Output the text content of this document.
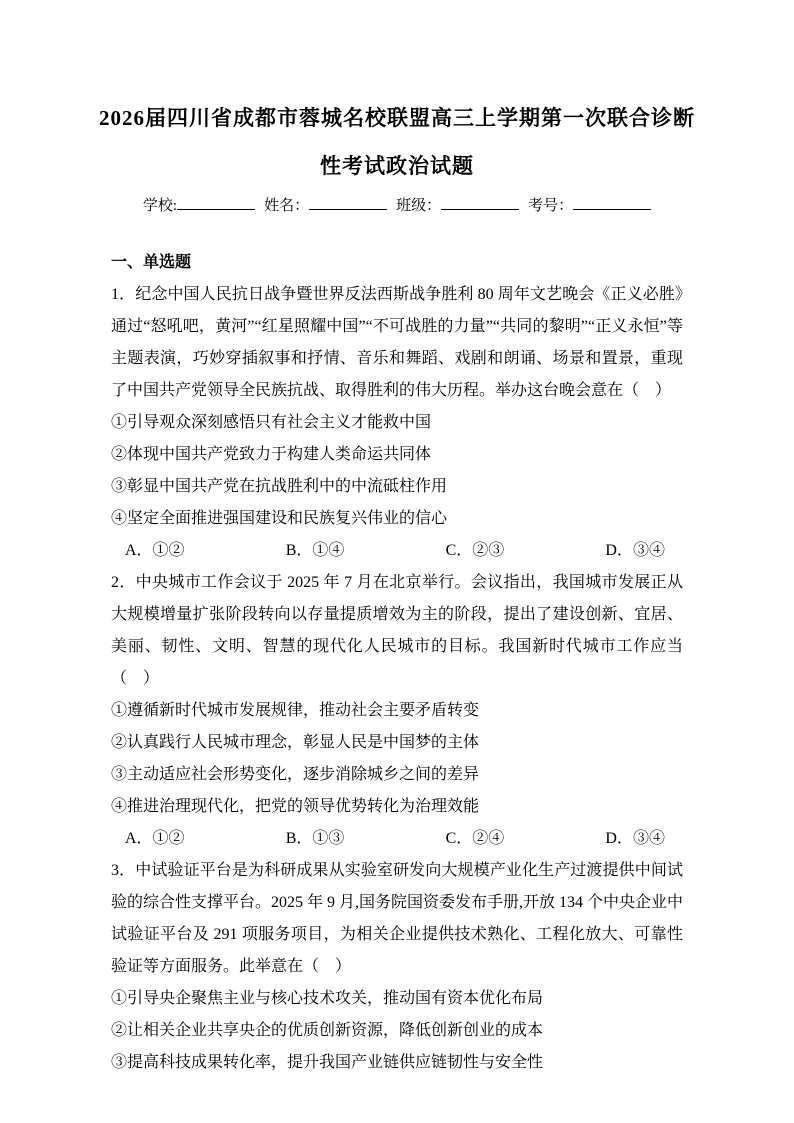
2026届四川省成都市蓉城名校联盟高三上学期第一次联合诊断
性考试政治试题
学校:	姓名：	班级：	考号：
一、单选题
1．纪念中国人民抗日战争暨世界反法西斯战争胜利 80 周年文艺晚会《正义必胜》通过“怒吼吧，黄河”“红星照耀中国”“不可战胜的力量”“共同的黎明”“正义永恒”等主题表演，巧妙穿插叙事和抒情、音乐和舞蹈、戏剧和朗诵、场景和置景，重现了中国共产党领导全民族抗战、取得胜利的伟大历程。举办这台晚会意在（　）
①引导观众深刻感悟只有社会主义才能救中国
②体现中国共产党致力于构建人类命运共同体
③彰显中国共产党在抗战胜利中的中流砥柱作用
④坚定全面推进强国建设和民族复兴伟业的信心
A．①②	B．①④	C．②③	D．③④
2．中央城市工作会议于 2025 年 7 月在北京举行。会议指出，我国城市发展正从大规模增量扩张阶段转向以存量提质增效为主的阶段，提出了建设创新、宜居、美丽、韧性、文明、智慧的现代化人民城市的目标。我国新时代城市工作应当（　）
①遵循新时代城市发展规律，推动社会主要矛盾转变
②认真践行人民城市理念，彰显人民是中国梦的主体
③主动适应社会形势变化，逐步消除城乡之间的差异
④推进治理现代化，把党的领导优势转化为治理效能
A．①②	B．①③	C．②④	D．③④
3．中试验证平台是为科研成果从实验室研发向大规模产业化生产过渡提供中间试验的综合性支撑平台。2025 年 9 月,国务院国资委发布手册,开放 134 个中央企业中试验证平台及 291 项服务项目，为相关企业提供技术熟化、工程化放大、可靠性验证等方面服务。此举意在（　）
①引导央企聚焦主业与核心技术攻关，推动国有资本优化布局
②让相关企业共享央企的优质创新资源，降低创新创业的成本
③提高科技成果转化率，提升我国产业链供应链韧性与安全性
